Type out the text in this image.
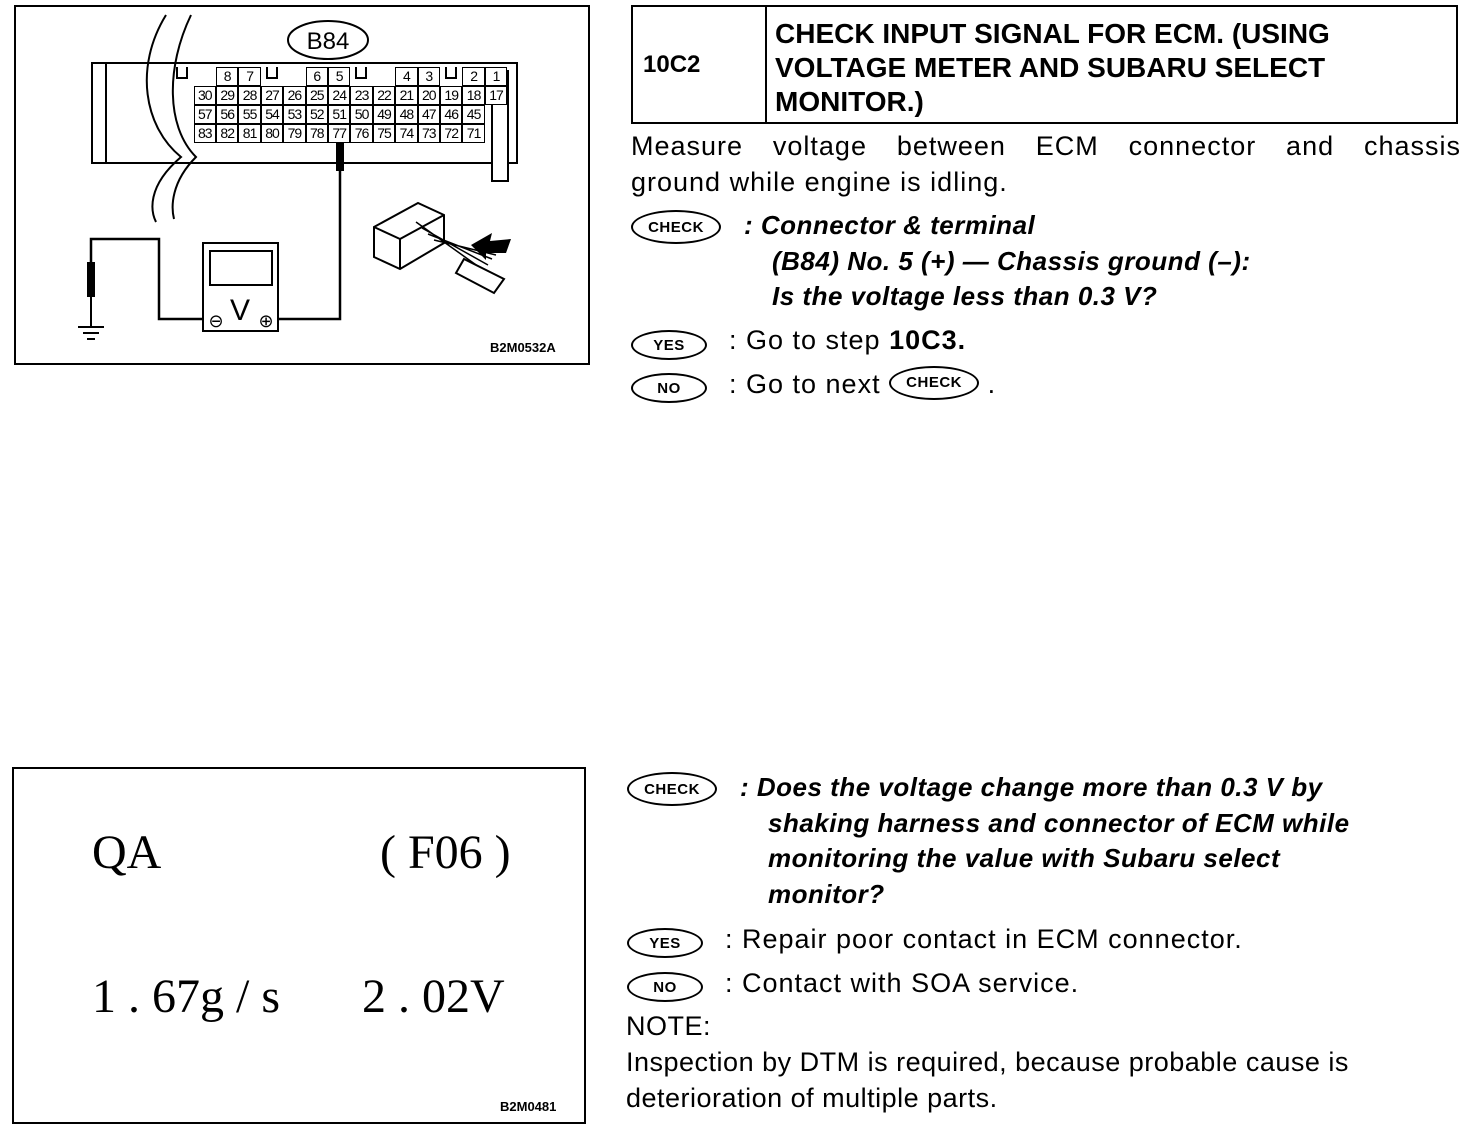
B84
V
⊖ ⊕
8	7	6	5	4	3	2	1
30 29 28 27 26 25 24 23 22 21 20 19 18 17
57 56 55 54 53 52 51 50 49 48 47 46 45
83 82 81 80 79 78 77 76 75 74 73 72 71
B2M0532A
10C2
CHECK INPUT SIGNAL FOR ECM. (USING
VOLTAGE METER AND SUBARU SELECT
MONITOR.)
Measure voltage between ECM connector and chassis
ground while engine is idling.
CHECK	: Connector & terminal
(B84) No. 5 (+) — Chassis ground (–):
Is the voltage less than 0.3 V?
YES	: Go to step 10C3.
NO	: Go to next CHECK .
QA	( F06 )
1 . 67g / s 2 . 02V
B2M0481
CHECK	: Does the voltage change more than 0.3 V by
shaking harness and connector of ECM while
monitoring the value with Subaru select
monitor?
YES	: Repair poor contact in ECM connector.
NO	: Contact with SOA service.
NOTE:
Inspection by DTM is required, because probable cause is
deterioration of multiple parts.
